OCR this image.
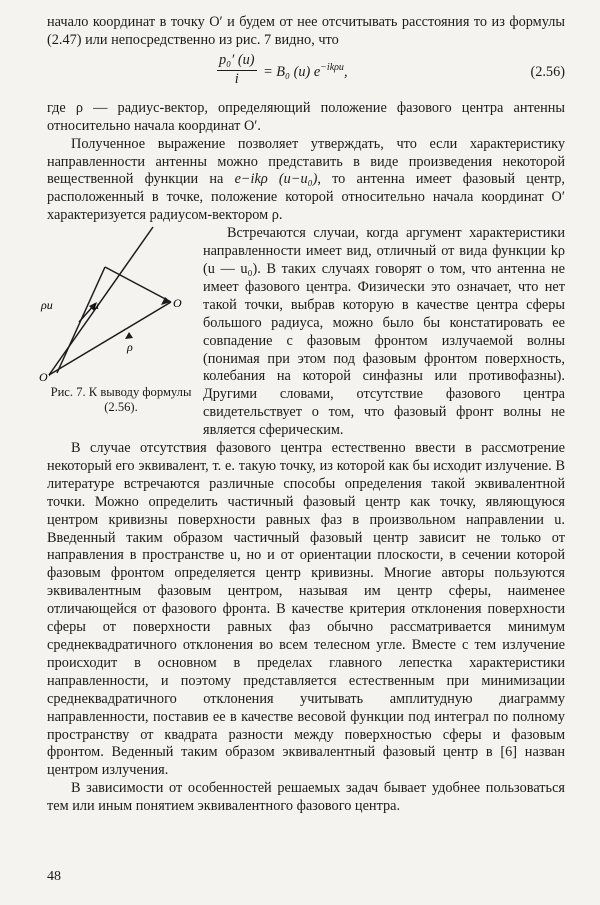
начало координат в точку O′ и будем от нее отсчитывать расстояния то из формулы (2.47) или непосредственно из рис. 7 видно, что

$\frac{\text{p₀′ (u)}}{i} = B_0$ (u) $e^{-ik\rho u}$,	(2.56)

где ρ — радиус-вектор, определяющий положение фазового центра антенны относительно начала координат O′.

Полученное выражение позволяет утверждать, что если характеристику направленности антенны можно представить в виде произведения некоторой вещественной функции на e−ikρ (u−u₀), то антенна имеет фазовый центр, расположенный в точке, положение которой относительно начала координат O′ характеризуется радиусом-вектором ρ.

ρu	u	O
O′
ρ
Рис. 7. К выводу формулы (2.56).

Встречаются случаи, когда аргумент характеристики направленности имеет вид, отличный от вида функции kρ (u — u₀). В таких случаях говорят о том, что антенна не имеет фазового центра. Физически это означает, что нет такой точки, выбрав которую в качестве центра сферы большого радиуса, можно было бы констатировать ее совпадение с фазовым фронтом излучаемой волны (понимая при этом под фазовым фронтом поверхность, колебания на которой синфазны или противофазны). Другими словами, отсутствие фазового центра свидетельствует о том, что фазовый фронт волны не является сферическим.

В случае отсутствия фазового центра естественно ввести в рассмотрение некоторый его эквивалент, т. е. такую точку, из которой как бы исходит излучение. В литературе встречаются различные способы определения такой эквивалентной точки. Можно определить частичный фазовый центр как точку, являющуюся центром кривизны поверхности равных фаз в произвольном направлении u. Введенный таким образом частичный фазовый центр зависит не только от направления в пространстве u, но и от ориентации плоскости, в сечении которой фазовым фронтом определяется центр кривизны. Многие авторы пользуются эквивалентным фазовым центром, называя им центр сферы, наименее отличающейся от фазового фронта. В качестве критерия отклонения поверхности сферы от поверхности равных фаз обычно рассматривается минимум среднеквадратичного отклонения во всем телесном угле. Вместе с тем излучение происходит в основном в пределах главного лепестка характеристики направленности, и поэтому представляется естественным при минимизации среднеквадратичного отклонения учитывать амплитудную диаграмму направленности, поставив ее в качестве весовой функции под интеграл по полному пространству от квадрата разности между поверхностью сферы и фазовым фронтом. Веденный таким образом эквивалентный фазовый центр в [6] назван центром излучения.

В зависимости от особенностей решаемых задач бывает удобнее пользоваться тем или иным понятием эквивалентного фазового центра.

48
